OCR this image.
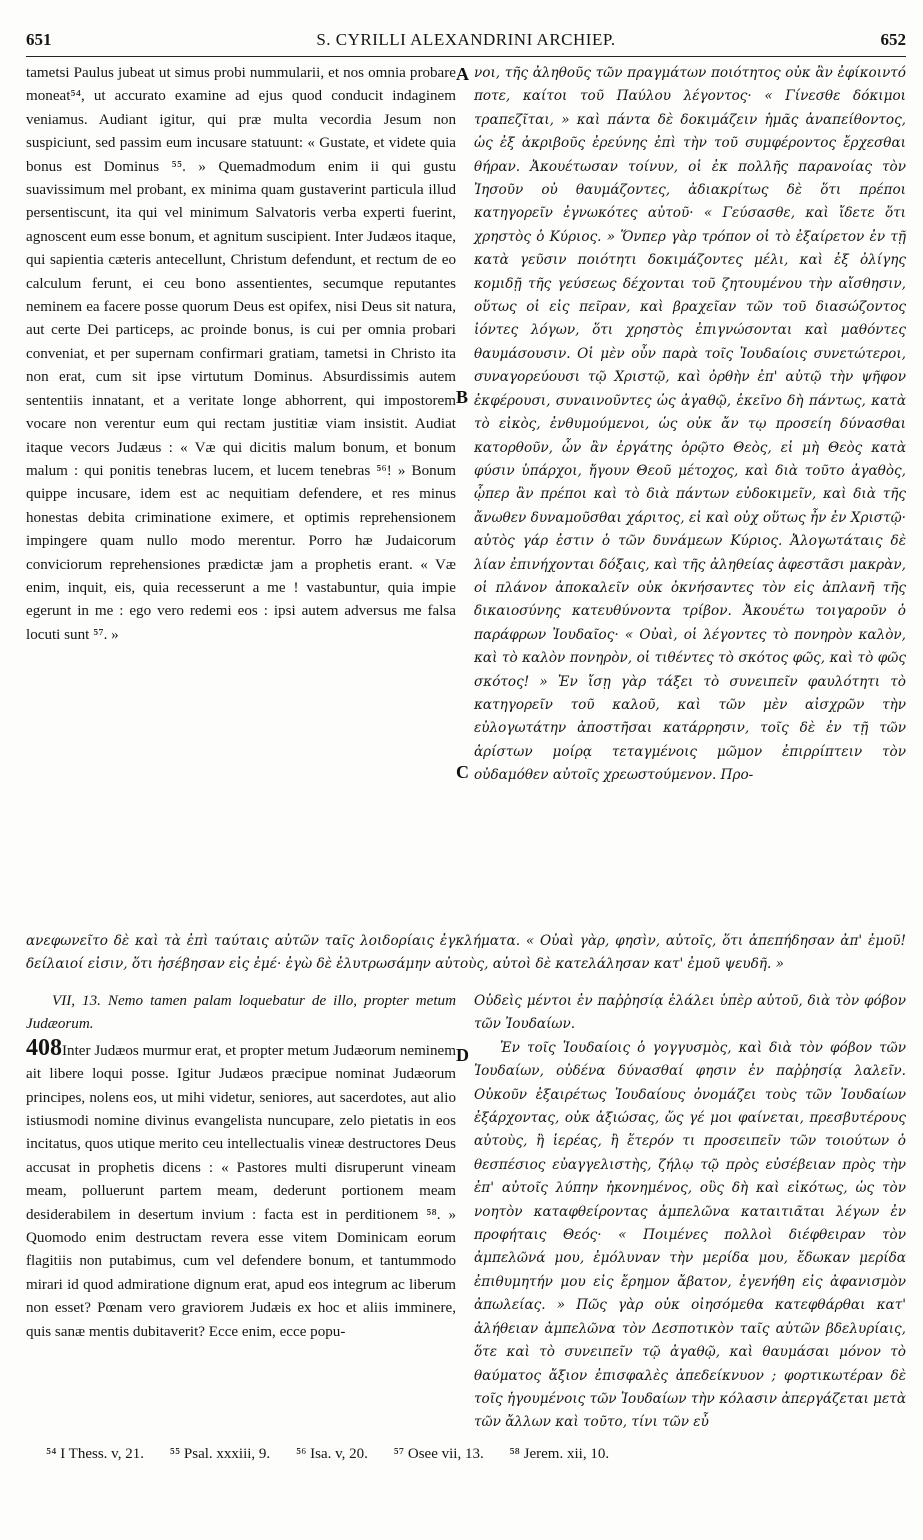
651	S. CYRILLI ALEXANDRINI ARCHIEP.	652

tametsi Paulus jubeat ut simus probi nummularii, et nos omnia probare moneat⁵⁴, ut accurato examine ad ejus quod conducit indaginem veniamus. Audiant igitur, qui præ multa vecordia Jesum non suspiciunt, sed passim eum incusare statuunt: « Gustate, et videte quia bonus est Dominus ⁵⁵. » Quemadmodum enim ii qui gustu suavissimum mel probant, ex minima quam gustaverint particula illud persentiscunt, ita qui vel minimum Salvatoris verba experti fuerint, agnoscent eum esse bonum, et agnitum suscipient. Inter Judæos itaque, qui sapientia cæteris antecellunt, Christum defendunt, et rectum de eo calculum ferunt, ei ceu bono assentientes, secumque reputantes neminem ea facere posse quorum Deus est opifex, nisi Deus sit natura, aut certe Dei particeps, ac proinde bonus, is cui per omnia probari conveniat, et per supernam confirmari gratiam, tametsi in Christo ita non erat, cum sit ipse virtutum Dominus. Absurdissimis autem sententiis innatant, et a veritate longe abhorrent, qui impostorem vocare non verentur eum qui rectam justitiæ viam insistit. Audiat itaque vecors Judæus : « Væ qui dicitis malum bonum, et bonum malum : qui ponitis tenebras lucem, et lucem tenebras ⁵⁶! » Bonum quippe incusare, idem est ac nequitiam defendere, et res minus honestas debita criminatione eximere, et optimis reprehensionem impingere quam nullo modo merentur. Porro hæ Judaicorum conviciorum reprehensiones prædictæ jam a prophetis erant. « Væ enim, inquit, eis, quia recesserunt a me ! vastabuntur, quia impie egerunt in me : ego vero redemi eos : ipsi autem adversus me falsa locuti sunt ⁵⁷. »

A
B
C
D

νοι, τῆς ἀληθοῦς τῶν πραγμάτων ποιότητος οὐκ ἂν ἐφίκοιντό ποτε, καίτοι τοῦ Παύλου λέγοντος· « Γίνεσθε δόκιμοι τραπεζῖται, » καὶ πάντα δὲ δοκιμάζειν ἡμᾶς ἀναπείθοντος, ὡς ἐξ ἀκριβοῦς ἐρεύνης ἐπὶ τὴν τοῦ συμφέροντος ἔρχεσθαι θήραν. Ἀκουέτωσαν τοίνυν, οἱ ἐκ πολλῆς παρανοίας τὸν Ἰησοῦν οὐ θαυμάζοντες, ἀδιακρίτως δὲ ὅτι πρέποι κατηγορεῖν ἐγνωκότες αὐτοῦ· « Γεύσασθε, καὶ ἴδετε ὅτι χρηστὸς ὁ Κύριος. » Ὅνπερ γὰρ τρόπον οἱ τὸ ἐξαίρετον ἐν τῇ κατὰ γεῦσιν ποιότητι δοκιμάζοντες μέλι, καὶ ἐξ ὀλίγης κομιδῇ τῆς γεύσεως δέχονται τοῦ ζητουμένου τὴν αἴσθησιν, οὕτως οἱ εἰς πεῖραν, καὶ βραχεῖαν τῶν τοῦ διασώζοντος ἰόντες λόγων, ὅτι χρηστὸς ἐπιγνώσονται καὶ μαθόντες θαυμάσουσιν. Οἱ μὲν οὖν παρὰ τοῖς Ἰουδαίοις συνετώτεροι, συναγορεύουσι τῷ Χριστῷ, καὶ ὀρθὴν ἐπ' αὐτῷ τὴν ψῆφον ἐκφέρουσι, συναινοῦντες ὡς ἀγαθῷ, ἐκεῖνο δὴ πάντως, κατὰ τὸ εἰκὸς, ἐνθυμούμενοι, ὡς οὐκ ἄν τῳ προσείη δύνασθαι κατορθοῦν, ὧν ἂν ἐργάτης ὁρῷτο Θεὸς, εἰ μὴ Θεὸς κατὰ φύσιν ὑπάρχοι, ἤγουν Θεοῦ μέτοχος, καὶ διὰ τοῦτο ἀγαθὸς, ᾧπερ ἂν πρέποι καὶ τὸ διὰ πάντων εὐδοκιμεῖν, καὶ διὰ τῆς ἄνωθεν δυναμοῦσθαι χάριτος, εἰ καὶ οὐχ οὕτως ἦν ἐν Χριστῷ· αὐτὸς γάρ ἐστιν ὁ τῶν δυνάμεων Κύριος. Ἀλογωτάταις δὲ λίαν ἐπινήχονται δόξαις, καὶ τῆς ἀληθείας ἀφεστᾶσι μακρὰν, οἱ πλάνον ἀποκαλεῖν οὐκ ὀκνήσαντες τὸν εἰς ἀπλανῆ τῆς δικαιοσύνης κατευθύνοντα τρίβον. Ἀκουέτω τοιγαροῦν ὁ παράφρων Ἰουδαῖος· « Οὐαὶ, οἱ λέγοντες τὸ πονηρὸν καλὸν, καὶ τὸ καλὸν πονηρὸν, οἱ τιθέντες τὸ σκότος φῶς, καὶ τὸ φῶς σκότος! » Ἐν ἴσῃ γὰρ τάξει τὸ συνειπεῖν φαυλότητι τὸ κατηγορεῖν τοῦ καλοῦ, καὶ τῶν μὲν αἰσχρῶν τὴν εὐλογωτάτην ἀποστῆσαι κατάρρησιν, τοῖς δὲ ἐν τῇ τῶν ἀρίστων μοίρᾳ τεταγμένοις μῶμον ἐπιρρίπτειν τὸν οὐδαμόθεν αὐτοῖς χρεωστούμενον. Προ-

ανεφωνεῖτο δὲ καὶ τὰ ἐπὶ ταύταις αὐτῶν ταῖς λοιδορίαις ἐγκλήματα. « Οὐαὶ γὰρ, φησὶν, αὐτοῖς, ὅτι ἀπεπήδησαν ἀπ' ἐμοῦ! δείλαιοί εἰσιν, ὅτι ἠσέβησαν εἰς ἐμέ· ἐγὼ δὲ ἐλυτρωσάμην αὐτοὺς, αὐτοὶ δὲ κατελάλησαν κατ' ἐμοῦ ψευδῆ. »

VII, 13. Nemo tamen palam loquebatur de illo, propter metum Judæorum.

408Inter Judæos murmur erat, et propter metum Judæorum neminem ait libere loqui posse. Igitur Judæos præcipue nominat Judæorum principes, nolens eos, ut mihi videtur, seniores, aut sacerdotes, aut alio istiusmodi nomine divinus evangelista nuncupare, zelo pietatis in eos incitatus, quos utique merito ceu intellectualis vineæ destructores Deus accusat in prophetis dicens : « Pastores multi disruperunt vineam meam, polluerunt partem meam, dederunt portionem meam desiderabilem in desertum invium : facta est in perditionem ⁵⁸. » Quomodo enim destructam revera esse vitem Dominicam eorum flagitiis non putabimus, cum vel defendere bonum, et tantummodo mirari id quod admiratione dignum erat, apud eos integrum ac liberum non esset? Pœnam vero graviorem Judæis ex hoc et aliis imminere, quis sanæ mentis dubitaverit? Ecce enim, ecce popu-

Οὐδεὶς μέντοι ἐν παῤῥησίᾳ ἐλάλει ὑπὲρ αὐτοῦ, διὰ τὸν φόβον τῶν Ἰουδαίων.

Ἐν τοῖς Ἰουδαίοις ὁ γογγυσμὸς, καὶ διὰ τὸν φόβον τῶν Ἰουδαίων, οὐδένα δύνασθαί φησιν ἐν παῤῥησίᾳ λαλεῖν. Οὐκοῦν ἐξαιρέτως Ἰουδαίους ὀνομάζει τοὺς τῶν Ἰουδαίων ἐξάρχοντας, οὐκ ἀξιώσας, ὥς γέ μοι φαίνεται, πρεσβυτέρους αὐτοὺς, ἢ ἱερέας, ἢ ἕτερόν τι προσειπεῖν τῶν τοιούτων ὁ θεσπέσιος εὐαγγελιστὴς, ζήλῳ τῷ πρὸς εὐσέβειαν πρὸς τὴν ἐπ' αὐτοῖς λύπην ἠκονημένος, οὓς δὴ καὶ εἰκότως, ὡς τὸν νοητὸν καταφθείροντας ἀμπελῶνα καταιτιᾶται λέγων ἐν προφήταις Θεός· « Ποιμένες πολλοὶ διέφθειραν τὸν ἀμπελῶνά μου, ἐμόλυναν τὴν μερίδα μου, ἔδωκαν μερίδα ἐπιθυμητήν μου εἰς ἔρημον ἄβατον, ἐγενήθη εἰς ἀφανισμὸν ἀπωλείας. » Πῶς γὰρ οὐκ οἰησόμεθα κατεφθάρθαι κατ' ἀλήθειαν ἀμπελῶνα τὸν Δεσποτικὸν ταῖς αὐτῶν βδελυρίαις, ὅτε καὶ τὸ συνειπεῖν τῷ ἀγαθῷ, καὶ θαυμάσαι μόνον τὸ θαύματος ἄξιον ἐπισφαλὲς ἀπεδείκνυον ; φορτικωτέραν δὲ τοῖς ἡγουμένοις τῶν Ἰουδαίων τὴν κόλασιν ἀπεργάζεται μετὰ τῶν ἄλλων καὶ τοῦτο, τίνι τῶν εὖ

⁵⁴ I Thess. v, 21. ⁵⁵ Psal. xxxiii, 9. ⁵⁶ Isa. v, 20. ⁵⁷ Osee vii, 13. ⁵⁸ Jerem. xii, 10.
